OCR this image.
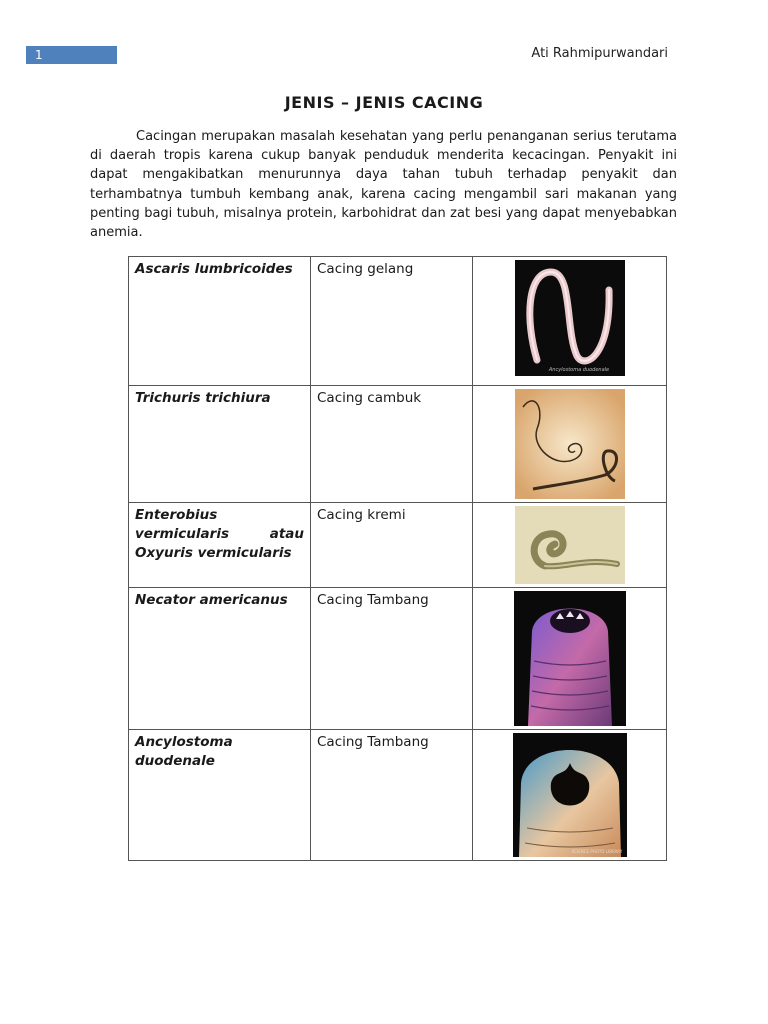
1	Ati Rahmipurwandari
JENIS – JENIS CACING

Cacingan merupakan masalah kesehatan yang perlu penanganan serius terutama di daerah tropis karena cukup banyak penduduk menderita kecacingan. Penyakit ini dapat mengakibatkan menurunnya daya tahan tubuh terhadap penyakit dan terhambatnya tumbuh kembang anak, karena cacing mengambil sari makanan yang penting bagi tubuh, misalnya protein, karbohidrat dan zat besi yang dapat menyebabkan anemia.

Ascaris lumbricoides	Cacing gelang	Ancylostoma duodenale

Trichuris trichiura	Cacing cambuk	

Enterobius vermicularis atau Oxyuris vermicularis	Cacing kremi	

Necator americanus	Cacing Tambang	

Ancylostoma duodenale	Cacing Tambang	SCIENCE PHOTO LIBRARY
